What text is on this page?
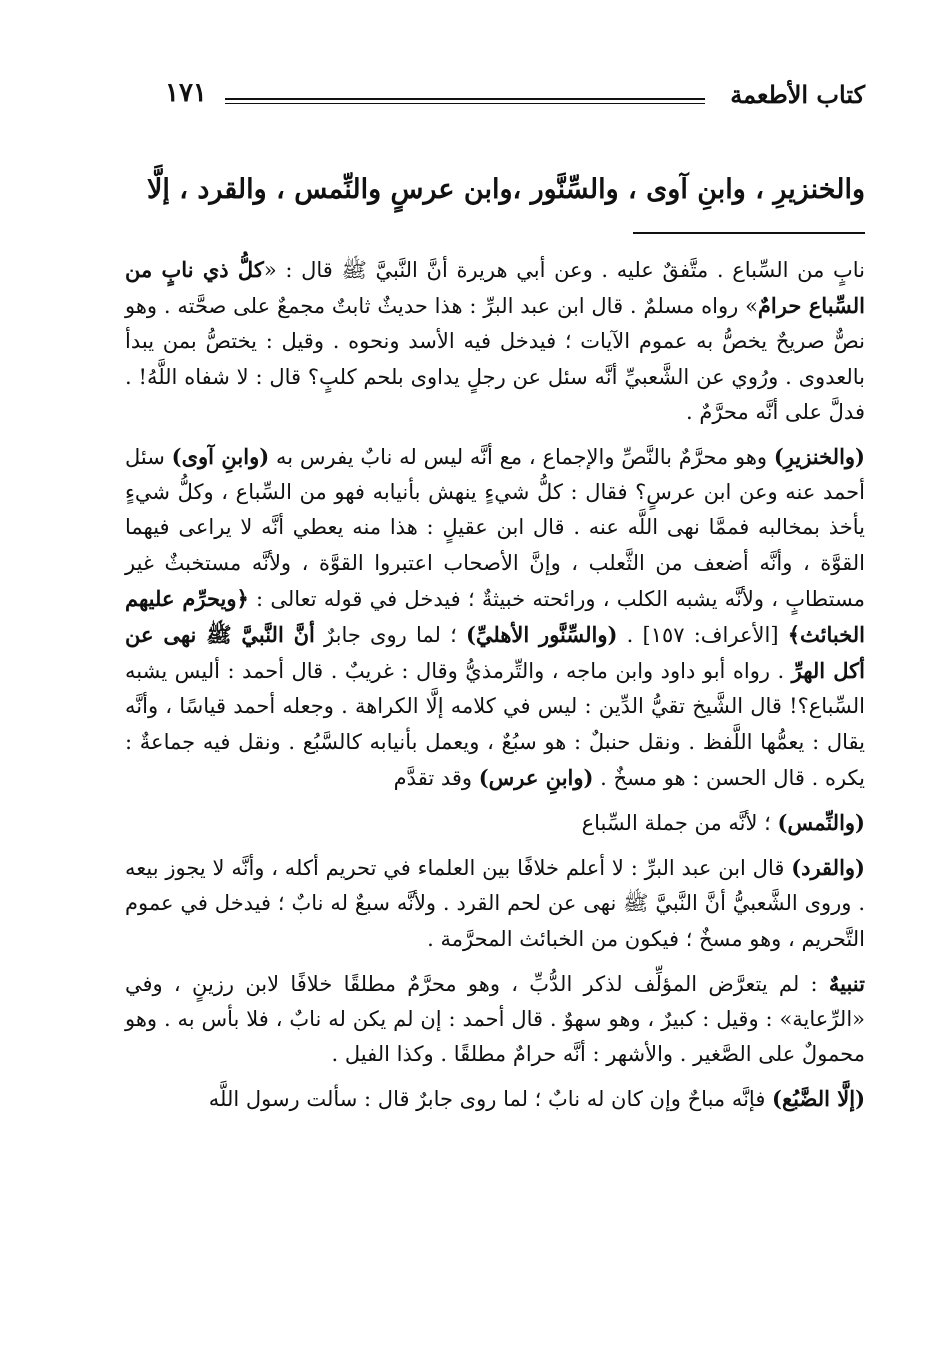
كتاب الأطعمة
١٧١
والخنزيرِ ، وابنِ آوى ، والسِّنَّور ،وابن عرسٍ والنِّمس ، والقرد ، إلَّا

نابٍ من السِّباع . متَّفقٌ عليه . وعن أبي هريرة أنَّ النَّبيَّ ﷺ قال : «كلُّ ذي نابٍ من السِّباع حرامٌ» رواه مسلمٌ . قال ابن عبد البرِّ : هذا حديثٌ ثابتٌ مجمعٌ على صحَّته . وهو نصٌّ صريحٌ يخصُّ به عموم الآيات ؛ فيدخل فيه الأسد ونحوه . وقيل : يختصُّ بمن يبدأ بالعدوى . ورُوي عن الشَّعبيِّ أنَّه سئل عن رجلٍ يداوى بلحم كلبٍ؟ قال : لا شفاه اللَّهُ! . فدلَّ على أنَّه محرَّمٌ .

(والخنزيرِ) وهو محرَّمٌ بالنَّصِّ والإجماع ، مع أنَّه ليس له نابٌ يفرس به (وابنِ آوى) سئل أحمد عنه وعن ابن عرسٍ؟ فقال : كلُّ شيءٍ ينهش بأنيابه فهو من السِّباع ، وكلُّ شيءٍ يأخذ بمخالبه فممَّا نهى اللَّه عنه . قال ابن عقيلٍ : هذا منه يعطي أنَّه لا يراعى فيهما القوَّة ، وأنَّه أضعف من الثَّعلب ، وإنَّ الأصحاب اعتبروا القوَّة ، ولأنَّه مستخبثٌ غير مستطابٍ ، ولأنَّه يشبه الكلب ، ورائحته خبيثةٌ ؛ فيدخل في قوله تعالى : ﴿ويحرِّم عليهم الخبائث﴾ [الأعراف: ١٥٧] . (والسِّنَّور الأهليِّ) ؛ لما روى جابرٌ أنَّ النَّبيَّ ﷺ نهى عن أكل الهرِّ . رواه أبو داود وابن ماجه ، والتِّرمذيُّ وقال : غريبٌ . قال أحمد : أليس يشبه السِّباع؟! قال الشَّيخ تقيُّ الدِّين : ليس في كلامه إلَّا الكراهة . وجعله أحمد قياسًا ، وأنَّه يقال : يعمُّها اللَّفظ . ونقل حنبلٌ : هو سبُعٌ ، ويعمل بأنيابه كالسَّبُع . ونقل فيه جماعةٌ : يكره . قال الحسن : هو مسخٌ . (وابنِ عرس) وقد تقدَّم

(والنِّمس) ؛ لأنَّه من جملة السِّباع

(والقرد) قال ابن عبد البرِّ : لا أعلم خلافًا بين العلماء في تحريم أكله ، وأنَّه لا يجوز بيعه . وروى الشَّعبيُّ أنَّ النَّبيَّ ﷺ نهى عن لحم القرد . ولأنَّه سبعٌ له نابٌ ؛ فيدخل في عموم التَّحريم ، وهو مسخٌ ؛ فيكون من الخبائث المحرَّمة .

تنبيهٌ : لم يتعرَّض المؤلِّف لذكر الدُّبِّ ، وهو محرَّمٌ مطلقًا خلافًا لابن رزينٍ ، وفي «الرِّعاية» : وقيل : كبيرٌ ، وهو سهوٌ . قال أحمد : إن لم يكن له نابٌ ، فلا بأس به . وهو محمولٌ على الصَّغير . والأشهر : أنَّه حرامٌ مطلقًا . وكذا الفيل .

(إلَّا الضَّبُع) فإنَّه مباحٌ وإن كان له نابٌ ؛ لما روى جابرٌ قال : سألت رسول اللَّه
